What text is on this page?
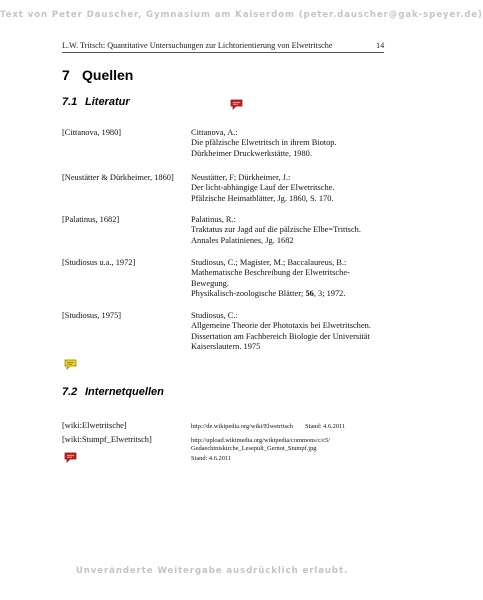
Text von Peter Dauscher, Gymnasium am Kaiserdom (peter.dauscher@gak-speyer.de)
Unveränderte Weitergabe ausdrücklich erlaubt.
L.W. Tritsch: Quantitative Untersuchungen zur Lichtorientierung von Elwetritsche	14
7 Quellen
7.1 Literatur
[Cittanova, 1980]	Cittanova, A.:
Die pfälzische Elwetritsch in ihrem Biotop.
Dürkheimer Druckwerkstätte, 1980.
[Neustätter & Dürkheimer, 1860] Neustätter, F; Dürkheimer, J.:
Der licht-abhängige Lauf der Elwetritsche.
Pfälzische Heimatblätter, Jg. 1860, S. 170.
[Palatinus, 1682]	Palatinus, R.:
Traktatus zur Jagd auf die pälzische Elbe=Trittsch.
Annales Palatinienes, Jg. 1682
[Studiosus u.a., 1972]	Studiosus, C.; Magister, M.; Baccalaureus, B.:
Mathematische Beschreibung der Elwetritsche-
Bewegung.
Physikalisch-zoologische Blätter; 56, 3; 1972.
[Studiosus, 1975]	Studiosus, C.:
Allgemeine Theorie der Phototaxis bei Elwetritschen.
Dissertation am Fachbereich Biologie der Universität
Kaiserslautern. 1975
7.2 Internetquellen
[wiki:Elwetritsche]	http://de.wikipedia.org/wiki/Elwetritsch Stand: 4.6.2011
[wiki:Stumpf_Elwetritsch]	http://upload.wikimedia.org/wikipedia/commons/c/c5/
Gedaechtniskirche_Lesepult_Gernot_Stumpf.jpg
Stand: 4.6.2011
